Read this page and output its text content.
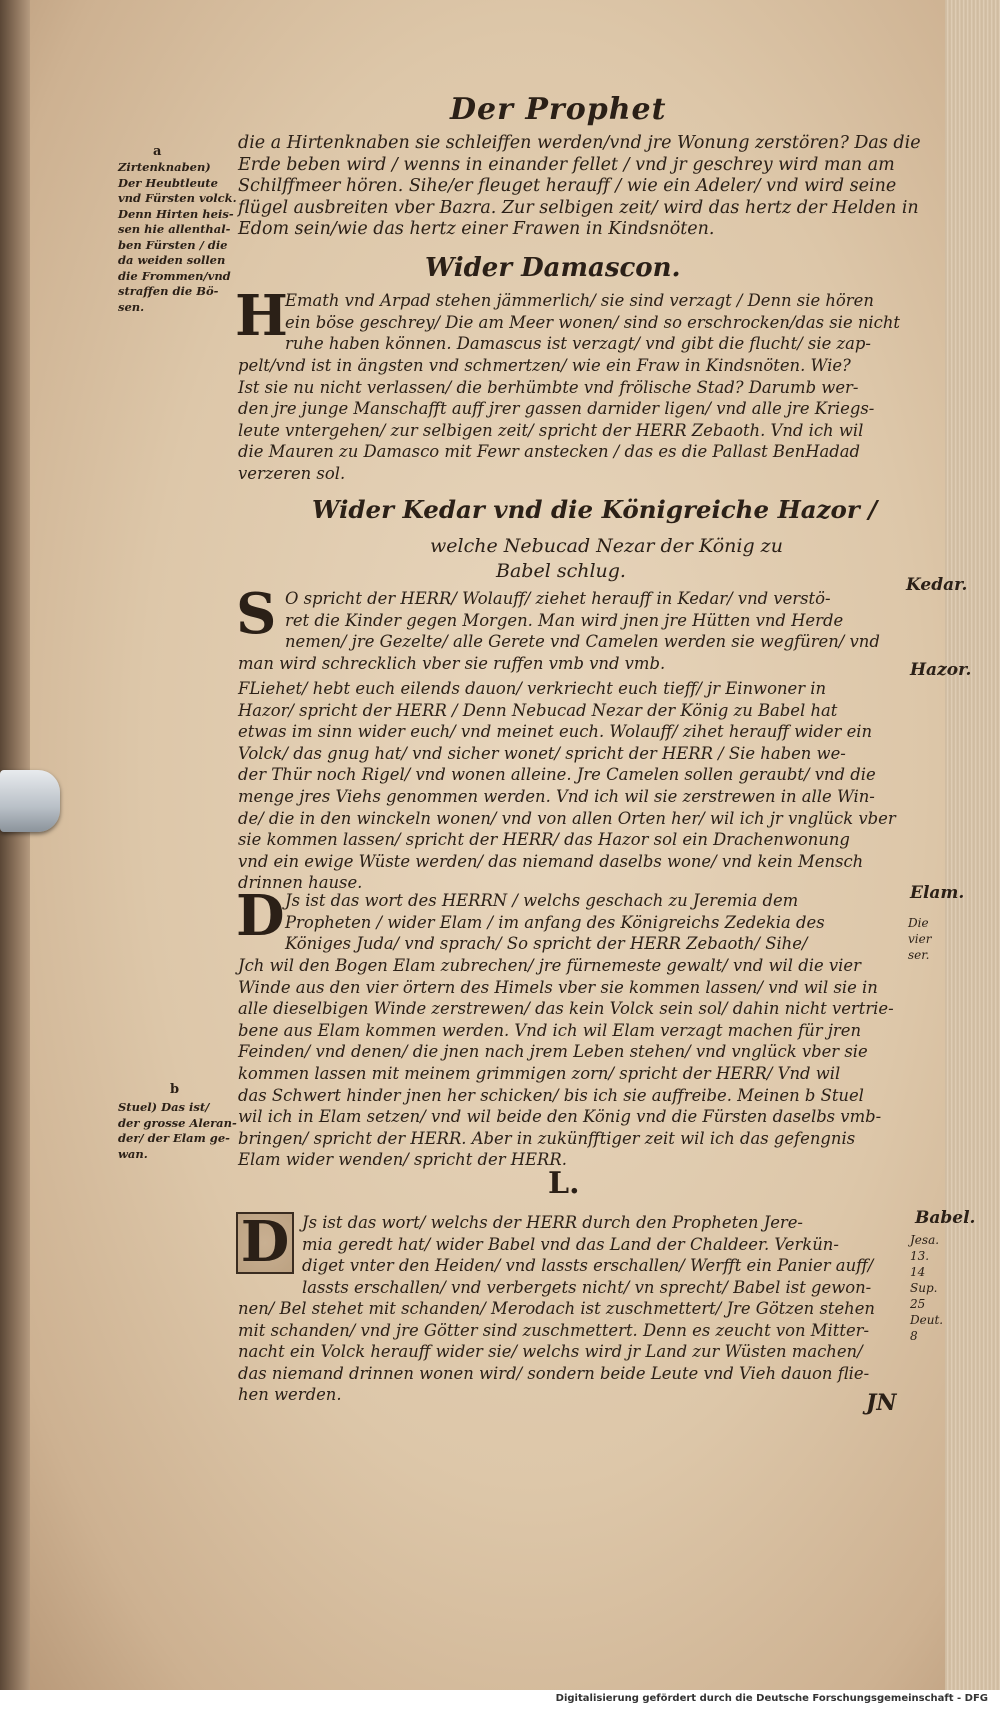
Der Prophet
a
Zirtenknaben)
Der Heubtleute
vnd Fürsten volck.
Denn Hirten heis-
sen hie allenthal-
ben Fürsten / die
da weiden sollen
die Frommen/vnd
straffen die Bö-
sen.
die a Hirtenknaben sie schleiffen werden/vnd jre Wonung zerstören? Das die
Erde beben wird / wenns in einander fellet / vnd jr geschrey wird man am
Schilffmeer hören. Sihe/er fleuget herauff / wie ein Adeler/ vnd wird seine
flügel ausbreiten vber Bazra. Zur selbigen zeit/ wird das hertz der Helden in
Edom sein/wie das hertz einer Frawen in Kindsnöten.
Wider Damascon.
H
Emath vnd Arpad stehen jämmerlich/ sie sind verzagt / Denn sie hören
ein böse geschrey/ Die am Meer wonen/ sind so erschrocken/das sie nicht
ruhe haben können. Damascus ist verzagt/ vnd gibt die flucht/ sie zap-
pelt/vnd ist in ängsten vnd schmertzen/ wie ein Fraw in Kindsnöten. Wie?
Ist sie nu nicht verlassen/ die berhümbte vnd frölische Stad? Darumb wer-
den jre junge Manschafft auff jrer gassen darnider ligen/ vnd alle jre Kriegs-
leute vntergehen/ zur selbigen zeit/ spricht der HERR Zebaoth. Vnd ich wil
die Mauren zu Damasco mit Fewr anstecken / das es die Pallast BenHadad
verzeren sol.
Wider Kedar vnd die Königreiche Hazor /
welche Nebucad Nezar der König zu
Babel schlug.
Kedar.
S O spricht der HERR/ Wolauff/ ziehet herauff in Kedar/ vnd verstö-
ret die Kinder gegen Morgen. Man wird jnen jre Hütten vnd Herde
nemen/ jre Gezelte/ alle Gerete vnd Camelen werden sie wegfüren/ vnd
man wird schrecklich vber sie ruffen vmb vnd vmb.	Hazor.
FLiehet/ hebt euch eilends dauon/ verkriecht euch tieff/ jr Einwoner in
Hazor/ spricht der HERR / Denn Nebucad Nezar der König zu Babel hat
etwas im sinn wider euch/ vnd meinet euch. Wolauff/ zihet herauff wider ein
Volck/ das gnug hat/ vnd sicher wonet/ spricht der HERR / Sie haben we-
der Thür noch Rigel/ vnd wonen alleine. Jre Camelen sollen geraubt/ vnd die
menge jres Viehs genommen werden. Vnd ich wil sie zerstrewen in alle Win-
de/ die in den winckeln wonen/ vnd von allen Orten her/ wil ich jr vnglück vber
sie kommen lassen/ spricht der HERR/ das Hazor sol ein Drachenwonung
vnd ein ewige Wüste werden/ das niemand daselbs wone/ vnd kein Mensch
drinnen hause.
Elam.
Die vier ser.
D Js ist das wort des HERRN / welchs geschach zu Jeremia dem
Propheten / wider Elam / im anfang des Königreichs Zedekia des
Königes Juda/ vnd sprach/ So spricht der HERR Zebaoth/ Sihe/
Jch wil den Bogen Elam zubrechen/ jre fürnemeste gewalt/ vnd wil die vier
Winde aus den vier örtern des Himels vber sie kommen lassen/ vnd wil sie in
alle dieselbigen Winde zerstrewen/ das kein Volck sein sol/ dahin nicht vertrie-
bene aus Elam kommen werden. Vnd ich wil Elam verzagt machen für jren
Feinden/ vnd denen/ die jnen nach jrem Leben stehen/ vnd vnglück vber sie
kommen lassen mit meinem grimmigen zorn/ spricht der HERR/ Vnd wil
das Schwert hinder jnen her schicken/ bis ich sie auffreibe. Meinen b Stuel
wil ich in Elam setzen/ vnd wil beide den König vnd die Fürsten daselbs vmb-
bringen/ spricht der HERR. Aber in zukünfftiger zeit wil ich das gefengnis
Elam wider wenden/ spricht der HERR.
b
Stuel) Das ist/
der grosse Aleran-
der/ der Elam ge-
wan.
L.
Babel.
Jesa. 13.
14
Sup. 25
Deut. 8
D Js ist das wort/ welchs der HERR durch den Propheten Jere-
mia geredt hat/ wider Babel vnd das Land der Chaldeer. Verkün-
diget vnter den Heiden/ vnd lassts erschallen/ Werfft ein Panier auff/
lassts erschallen/ vnd verbergets nicht/ vn sprecht/ Babel ist gewon-
nen/ Bel stehet mit schanden/ Merodach ist zuschmettert/ Jre Götzen stehen
mit schanden/ vnd jre Götter sind zuschmettert. Denn es zeucht von Mitter-
nacht ein Volck herauff wider sie/ welchs wird jr Land zur Wüsten machen/
das niemand drinnen wonen wird/ sondern beide Leute vnd Vieh dauon flie-
hen werden.	JN
Digitalisierung gefördert durch die Deutsche Forschungsgemeinschaft - DFG
